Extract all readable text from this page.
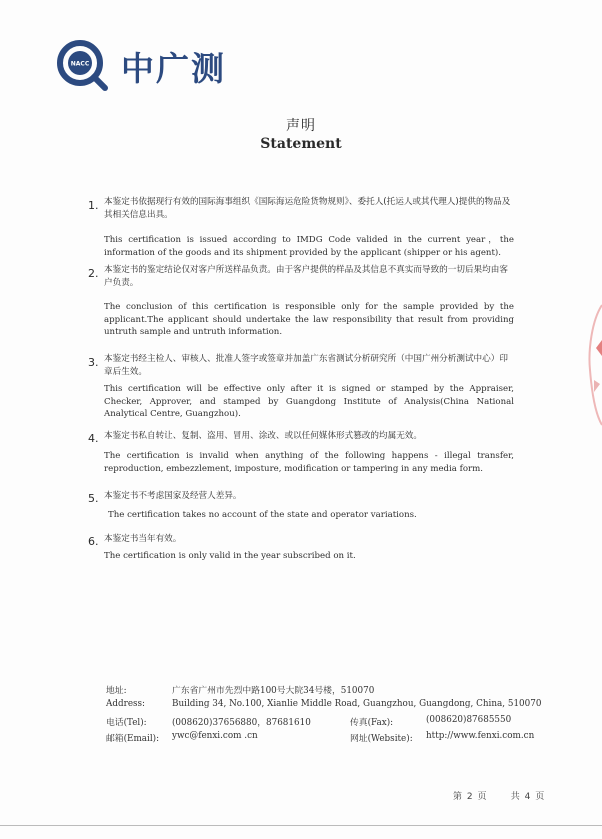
NACC 中广测
声明
Statement
1. 本鉴定书依据现行有效的国际海事组织《国际海运危险货物规则》、委托人(托运人或其代理人)提供的物品及其相关信息出具。
This certification is issued according to IMDG Code valided in the current year，the information of the goods and its shipment provided by the applicant (shipper or his agent).
2. 本鉴定书的鉴定结论仅对客户所送样品负责。由于客户提供的样品及其信息不真实而导致的一切后果均由客户负责。
The conclusion of this certification is responsible only for the sample provided by the applicant.The applicant should undertake the law responsibility that result from providing untruth sample and untruth information.
3. 本鉴定书经主检人、审核人、批准人签字或签章并加盖广东省测试分析研究所（中国广州分析测试中心）印章后生效。
This certification will be effective only after it is signed or stamped by the Appraiser, Checker, Approver, and stamped by Guangdong Institute of Analysis(China National Analytical Centre, Guangzhou).
4. 本鉴定书私自转让、复制、盗用、冒用、涂改、或以任何媒体形式篡改的均属无效。
The certification is invalid when anything of the following happens - illegal transfer, reproduction, embezzlement, imposture, modification or tampering in any media form.
5. 本鉴定书不考虑国家及经营人差异。
The certification takes no account of the state and operator variations.
6. 本鉴定书当年有效。
The certification is only valid in the year subscribed on it.
地址:	广东省广州市先烈中路100号大院34号楼，510070
Address:	Building 34, No.100, Xianlie Middle Road, Guangzhou, Guangdong, China, 510070
电话(Tel):	(008620)37656880，87681610	传真(Fax):	(008620)87685550
邮箱(Email): ywc@fenxi.com .cn	网址(Website): http://www.fenxi.com.cn
第 2 页	共 4 页
